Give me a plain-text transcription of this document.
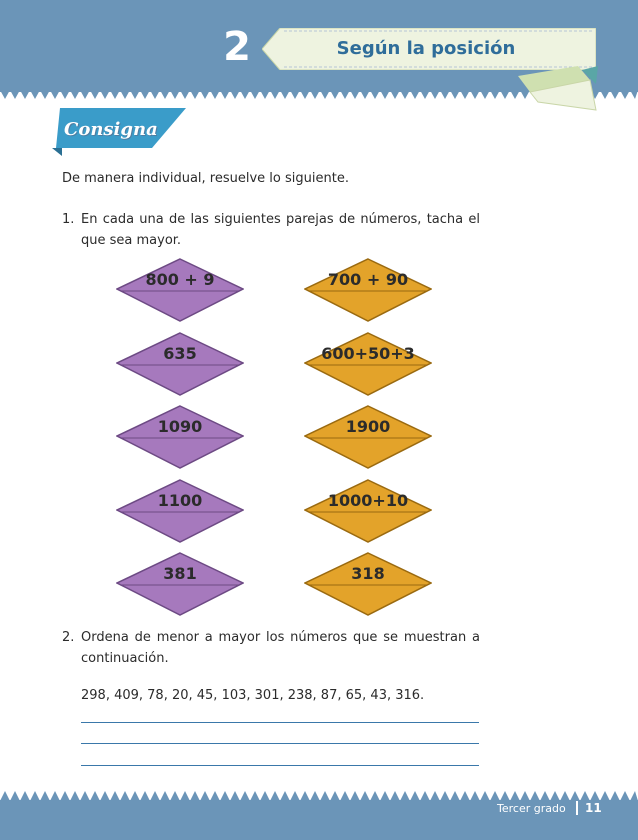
2	Según la posición
Consigna
De manera individual, resuelve lo siguiente.
1. En cada una de las siguientes parejas de números, tacha el que sea mayor.
800 + 9	700 + 90
635	600+50+3
1090	1900
1100	1000+10
381	318
2. Ordena de menor a mayor los números que se muestran a continuación.
298, 409, 78, 20, 45, 103, 301, 238, 87, 65, 43, 316.
Tercer grado 11
